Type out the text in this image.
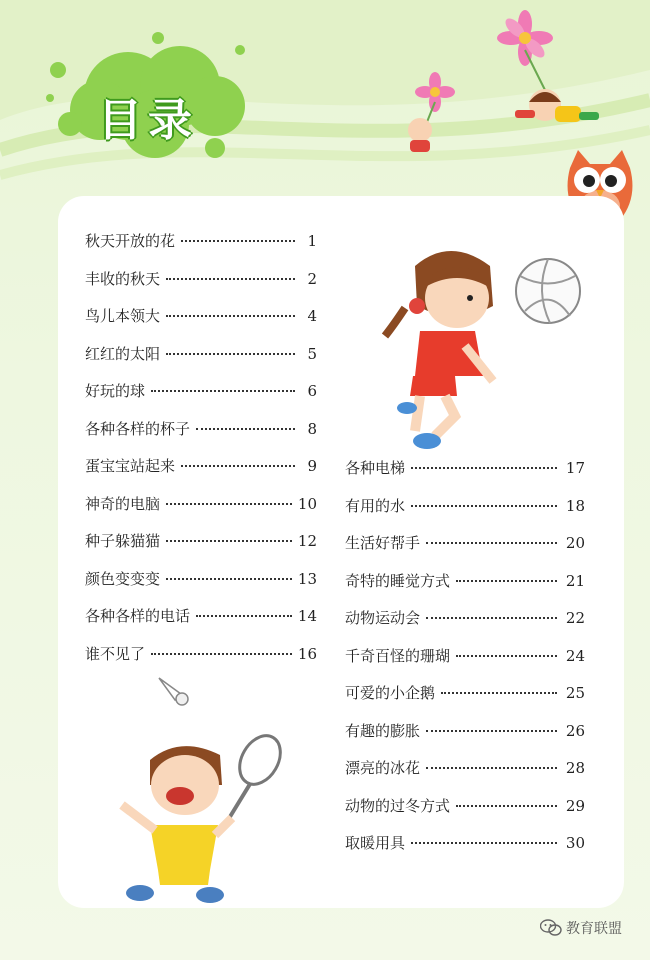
目录
秋天开放的花	1
丰收的秋天	2
鸟儿本领大	4
红红的太阳	5
好玩的球	6
各种各样的杯子	8
蛋宝宝站起来	9
神奇的电脑	10
种子躲猫猫	12
颜色变变变	13
各种各样的电话	14
谁不见了	16
各种电梯	17
有用的水	18
生活好帮手	20
奇特的睡觉方式	21
动物运动会	22
千奇百怪的珊瑚	24
可爱的小企鹅	25
有趣的膨胀	26
漂亮的冰花	28
动物的过冬方式	29
取暖用具	30
教育联盟
